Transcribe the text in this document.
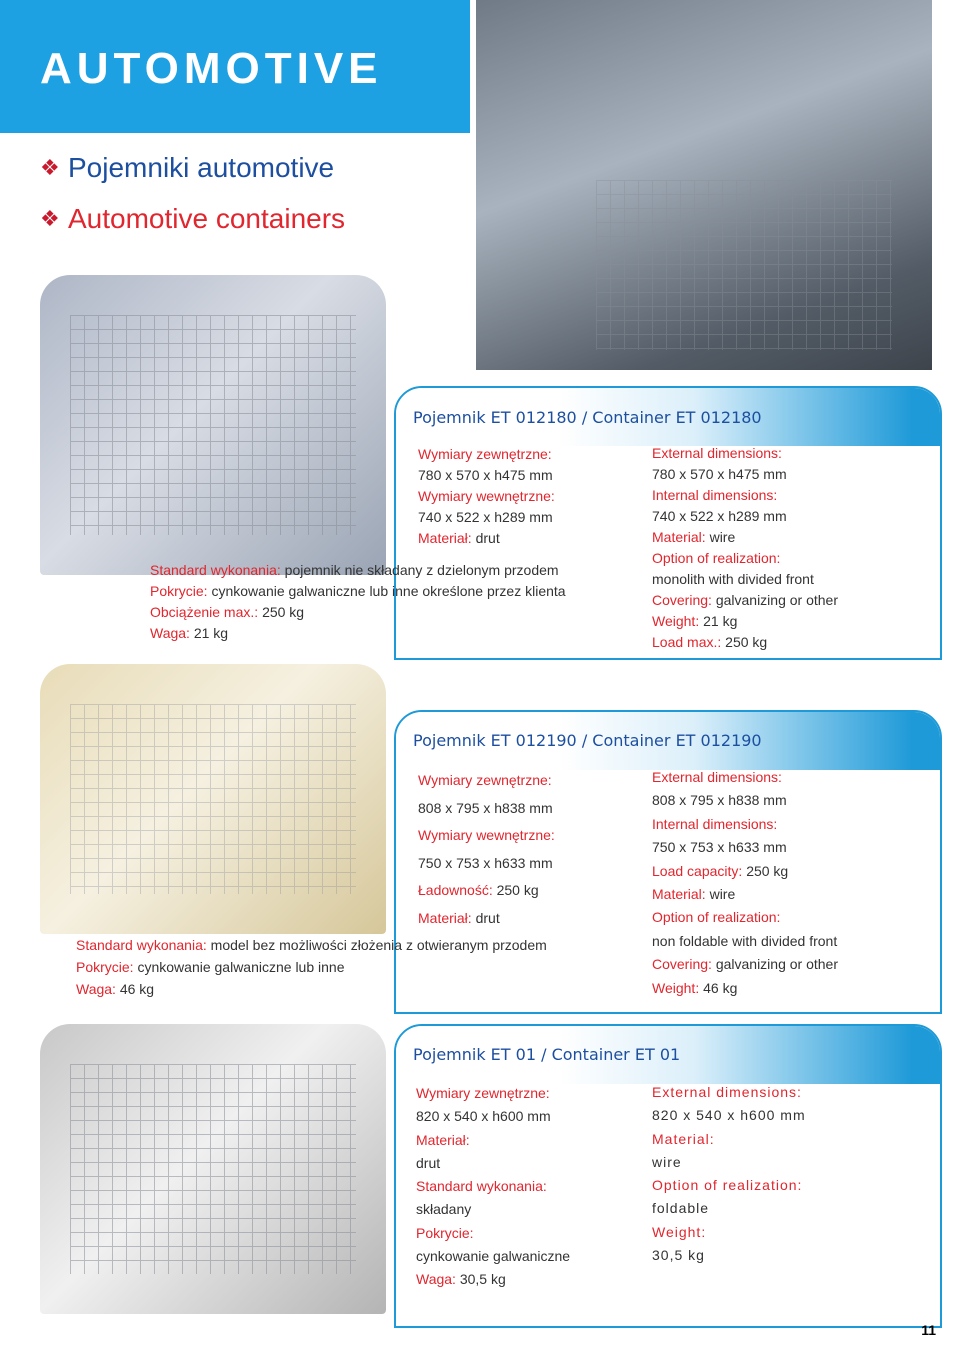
AUTOMOTIVE
❖ Pojemniki automotive
❖ Automotive containers
Pojemnik ET 012180 / Container ET 012180
Wymiary zewnętrzne:
780 x 570 x h475 mm
Wymiary wewnętrzne:
740 x 522 x h289 mm
Materiał: drut
Standard wykonania: pojemnik nie składany z dzielonym przodem
Pokrycie: cynkowanie galwaniczne lub inne określone przez klienta
Obciążenie max.: 250 kg
Waga: 21 kg
External dimensions:
780 x 570 x h475 mm
Internal dimensions:
740 x 522 x h289 mm
Material: wire
Option of realization:
monolith with divided front
Covering: galvanizing or other
Weight: 21 kg
Load max.: 250 kg
Pojemnik ET 012190 / Container ET 012190
Wymiary zewnętrzne:
808 x 795 x h838 mm
Wymiary wewnętrzne:
750 x 753 x h633 mm
Ładowność: 250 kg
Materiał: drut
Standard wykonania: model bez możliwości złożenia z otwieranym przodem
Pokrycie: cynkowanie galwaniczne lub inne
Waga: 46 kg
External dimensions:
808 x 795 x h838 mm
Internal dimensions:
750 x 753 x h633 mm
Load capacity: 250 kg
Material: wire
Option of realization:
non foldable with divided front
Covering: galvanizing or other
Weight: 46 kg
Pojemnik ET 01 / Container ET 01
Wymiary zewnętrzne:
820 x 540 x h600 mm
Materiał:
drut
Standard wykonania:
składany
Pokrycie:
cynkowanie galwaniczne
Waga: 30,5 kg
External dimensions:
820 x 540 x h600 mm
Material:
wire
Option of realization:
foldable
Weight:
30,5 kg
11
